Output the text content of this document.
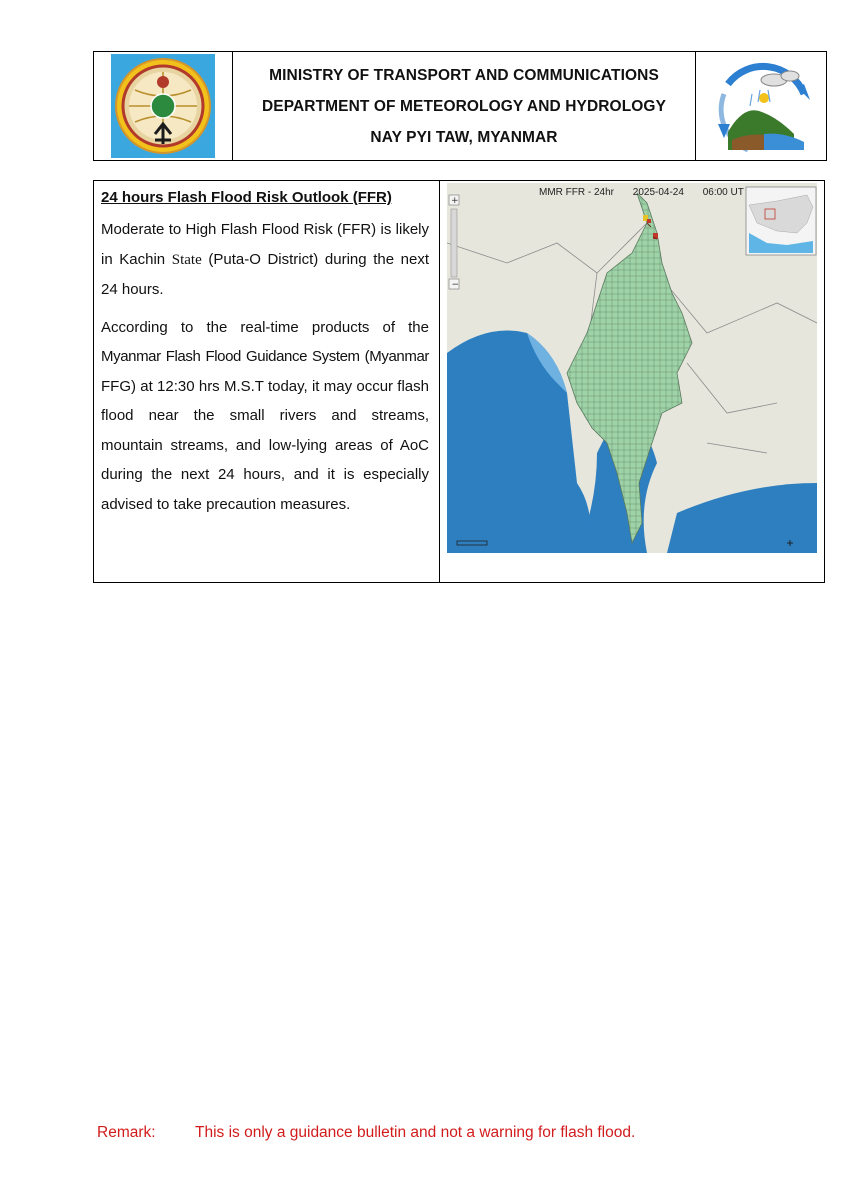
MINISTRY OF TRANSPORT AND COMMUNICATIONS
DEPARTMENT OF METEOROLOGY AND HYDROLOGY
NAY PYI TAW, MYANMAR
24 hours Flash Flood Risk Outlook (FFR)

Moderate to High Flash Flood Risk (FFR) is likely in Kachin State (Puta-O District) during the next 24 hours.

According to the real-time products of the Myanmar Flash Flood Guidance System (Myanmar FFG) at 12:30 hrs M.S.T today, it may occur flash flood near the small rivers and streams, mountain streams, and low-lying areas of AoC during the next 24 hours, and it is especially advised to take precaution measures.

+
−
MMR FFR - 24hr 2025-04-24 06:00 UT
Remark:	This is only a guidance bulletin and not a warning for flash flood.
